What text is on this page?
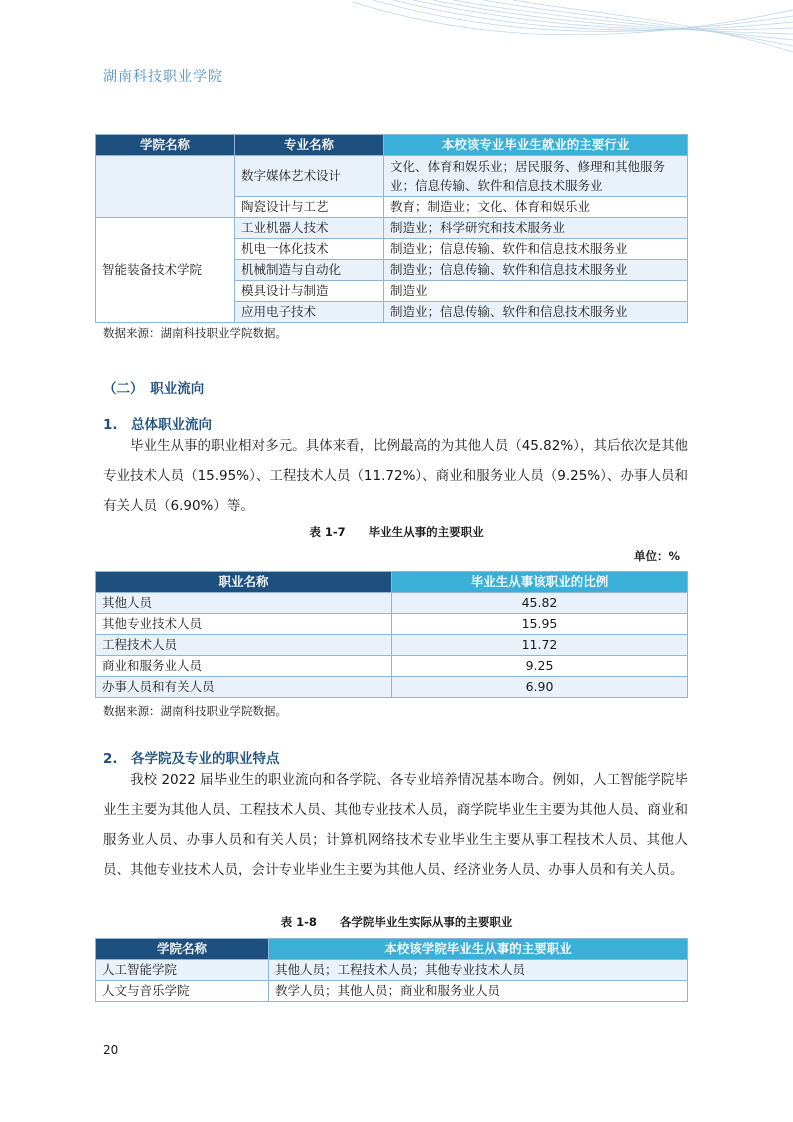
湖南科技职业学院
学院名称	专业名称	本校该专业毕业生就业的主要行业
	数字媒体艺术设计	文化、体育和娱乐业；居民服务、修理和其他服务业；信息传输、软件和信息技术服务业
	陶瓷设计与工艺	教育；制造业；文化、体育和娱乐业
智能装备技术学院	工业机器人技术	制造业；科学研究和技术服务业
	机电一体化技术	制造业；信息传输、软件和信息技术服务业
	机械制造与自动化	制造业；信息传输、软件和信息技术服务业
	模具设计与制造	制造业
	应用电子技术	制造业；信息传输、软件和信息技术服务业
数据来源：湖南科技职业学院数据。
（二）　职业流向
1.　总体职业流向
毕业生从事的职业相对多元。具体来看，比例最高的为其他人员（45.82%），其后依次是其他专业技术人员（15.95%）、工程技术人员（11.72%）、商业和服务业人员（9.25%）、办事人员和有关人员（6.90%）等。
表 1-7　　毕业生从事的主要职业
单位：%
职业名称	毕业生从事该职业的比例
其他人员	45.82
其他专业技术人员	15.95
工程技术人员	11.72
商业和服务业人员	9.25
办事人员和有关人员	6.90
数据来源：湖南科技职业学院数据。
2.　各学院及专业的职业特点
我校 2022 届毕业生的职业流向和各学院、各专业培养情况基本吻合。例如，人工智能学院毕业生主要为其他人员、工程技术人员、其他专业技术人员，商学院毕业生主要为其他人员、商业和服务业人员、办事人员和有关人员；计算机网络技术专业毕业生主要从事工程技术人员、其他人员、其他专业技术人员，会计专业毕业生主要为其他人员、经济业务人员、办事人员和有关人员。
表 1-8　　各学院毕业生实际从事的主要职业
学院名称	本校该学院毕业生从事的主要职业
人工智能学院	其他人员；工程技术人员；其他专业技术人员
人文与音乐学院	教学人员；其他人员；商业和服务业人员
20
